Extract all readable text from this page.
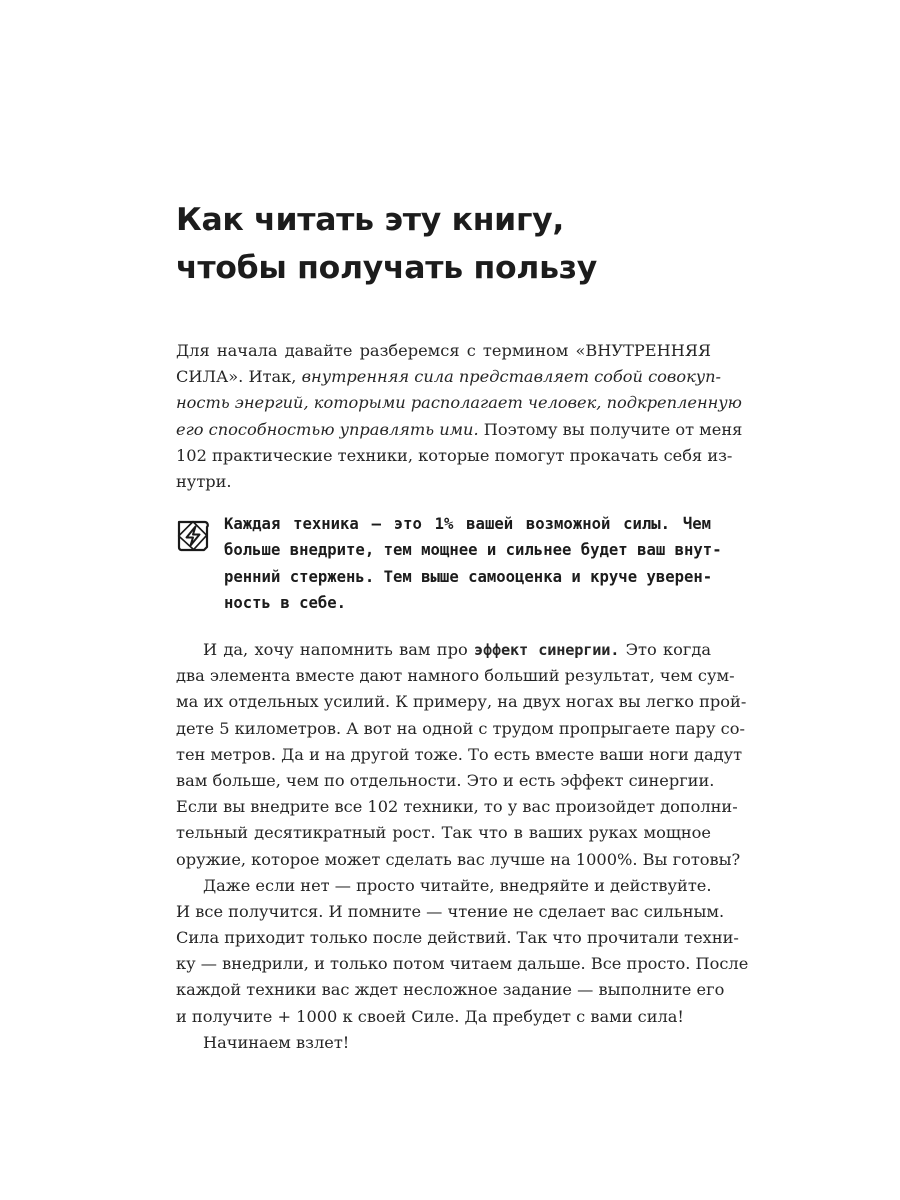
Как читать эту книгу,
чтобы получать пользу
Для начала давайте разберемся с термином «ВНУТРЕННЯЯ
СИЛА». Итак, внутренняя сила представляет собой совокуп-
ность энергий, которыми располагает человек, подкрепленную
его способностью управлять ими. Поэтому вы получите от меня
102 практические техники, которые помогут прокачать себя из-
нутри.
Каждая техника — это 1% вашей возможной силы. Чем
больше внедрите, тем мощнее и сильнее будет ваш внут-
ренний стержень. Тем выше самооценка и круче уверен-
ность в себе.
И да, хочу напомнить вам про эффект синергии. Это когда
два элемента вместе дают намного больший результат, чем сум-
ма их отдельных усилий. К примеру, на двух ногах вы легко прой-
дете 5 километров. А вот на одной с трудом пропрыгаете пару со-
тен метров. Да и на другой тоже. То есть вместе ваши ноги дадут
вам больше, чем по отдельности. Это и есть эффект синергии.
Если вы внедрите все 102 техники, то у вас произойдет дополни-
тельный десятикратный рост. Так что в ваших руках мощное
оружие, которое может сделать вас лучше на 1000%. Вы готовы?
Даже если нет — просто читайте, внедряйте и действуйте.
И все получится. И помните — чтение не сделает вас сильным.
Сила приходит только после действий. Так что прочитали техни-
ку — внедрили, и только потом читаем дальше. Все просто. После
каждой техники вас ждет несложное задание — выполните его
и получите + 1000 к своей Силе. Да пребудет с вами сила!
Начинаем взлет!
